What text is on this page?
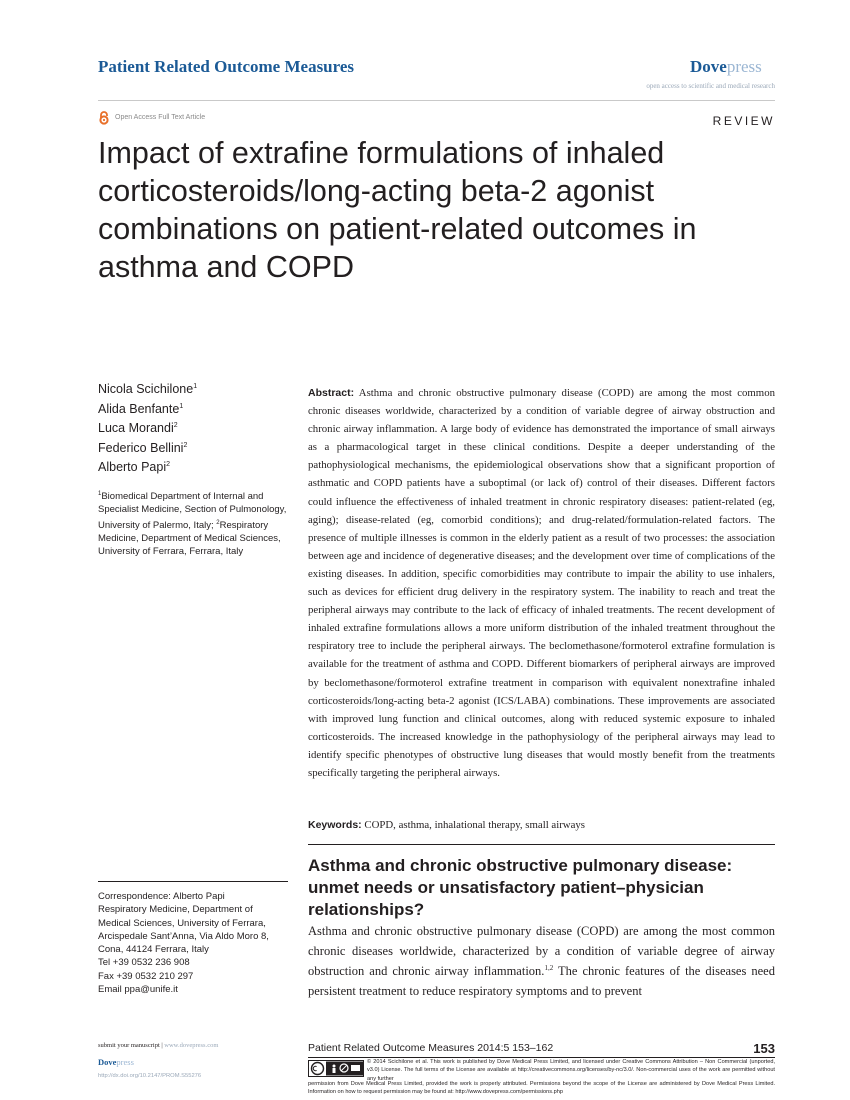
Patient Related Outcome Measures	Dovepress
open access to scientific and medical research
Open Access Full Text Article	REVIEW
Impact of extrafine formulations of inhaled corticosteroids/long-acting beta-2 agonist combinations on patient-related outcomes in asthma and COPD
Nicola Scichilone$^1$
Alida Benfante$^1$
Luca Morandi$^2$
Federico Bellini$^2$
Alberto Papi$^2$
$^1$Biomedical Department of Internal and Specialist Medicine, Section of Pulmonology, University of Palermo, Italy; $^2$Respiratory Medicine, Department of Medical Sciences, University of Ferrara, Ferrara, Italy
Correspondence: Alberto Papi
Respiratory Medicine, Department of
Medical Sciences, University of Ferrara,
Arcispedale Sant’Anna, Via Aldo Moro 8,
Cona, 44124 Ferrara, Italy
Tel +39 0532 236 908
Fax +39 0532 210 297
Email ppa@unife.it

Abstract: Asthma and chronic obstructive pulmonary disease (COPD) are among the most common chronic diseases worldwide, characterized by a condition of variable degree of airway obstruction and chronic airway inflammation. A large body of evidence has demonstrated the importance of small airways as a pharmacological target in these clinical conditions. Despite a deeper understanding of the pathophysiological mechanisms, the epidemiological observations show that a significant proportion of asthmatic and COPD patients have a suboptimal (or lack of) control of their diseases. Different factors could influence the effectiveness of inhaled treatment in chronic respiratory diseases: patient-related (eg, aging); disease-related (eg, comorbid conditions); and drug-related/formulation-related factors. The presence of multiple illnesses is common in the elderly patient as a result of two processes: the association between age and incidence of degenerative diseases; and the development over time of complications of the existing diseases. In addition, specific comorbidities may contribute to impair the ability to use inhalers, such as devices for efficient drug delivery in the respiratory system. The inability to reach and treat the peripheral airways may contribute to the lack of efficacy of inhaled treatments. The recent development of inhaled extrafine formulations allows a more uniform distribution of the inhaled treatment throughout the respiratory tree to include the peripheral airways. The beclomethasone/formoterol extrafine formulation is available for the treatment of asthma and COPD. Different biomarkers of peripheral airways are improved by beclomethasone/formoterol extrafine treatment in comparison with equivalent nonextrafine inhaled corticosteroids/long-acting beta-2 agonist (ICS/LABA) combinations. These improvements are associated with improved lung function and clinical outcomes, along with reduced systemic exposure to inhaled corticosteroids. The increased knowledge in the pathophysiology of the peripheral airways may lead to identify specific phenotypes of obstructive lung diseases that would mostly benefit from the treatments specifically targeting the peripheral airways.

Keywords: COPD, asthma, inhalational therapy, small airways

Asthma and chronic obstructive pulmonary disease: unmet needs or unsatisfactory patient–physician relationships?

Asthma and chronic obstructive pulmonary disease (COPD) are among the most common chronic diseases worldwide, characterized by a condition of variable degree of airway obstruction and chronic airway inflammation.$^{1,2}$ The chronic features of the diseases need persistent treatment to reduce respiratory symptoms and to prevent

submit your manuscript | www.dovepress.com
Dovepress
http://dx.doi.org/10.2147/PROM.S55276
Patient Related Outcome Measures 2014:5 153–162	153

© 2014 Scichilone et al. This work is published by Dove Medical Press Limited, and licensed under Creative Commons Attribution – Non Commercial (unported, v3.0) License. The full terms of the License are available at http://creativecommons.org/licenses/by-nc/3.0/. Non-commercial uses of the work are permitted without any further

permission from Dove Medical Press Limited, provided the work is properly attributed. Permissions beyond the scope of the License are administered by Dove Medical Press Limited. Information on how to request permission may be found at: http://www.dovepress.com/permissions.php
